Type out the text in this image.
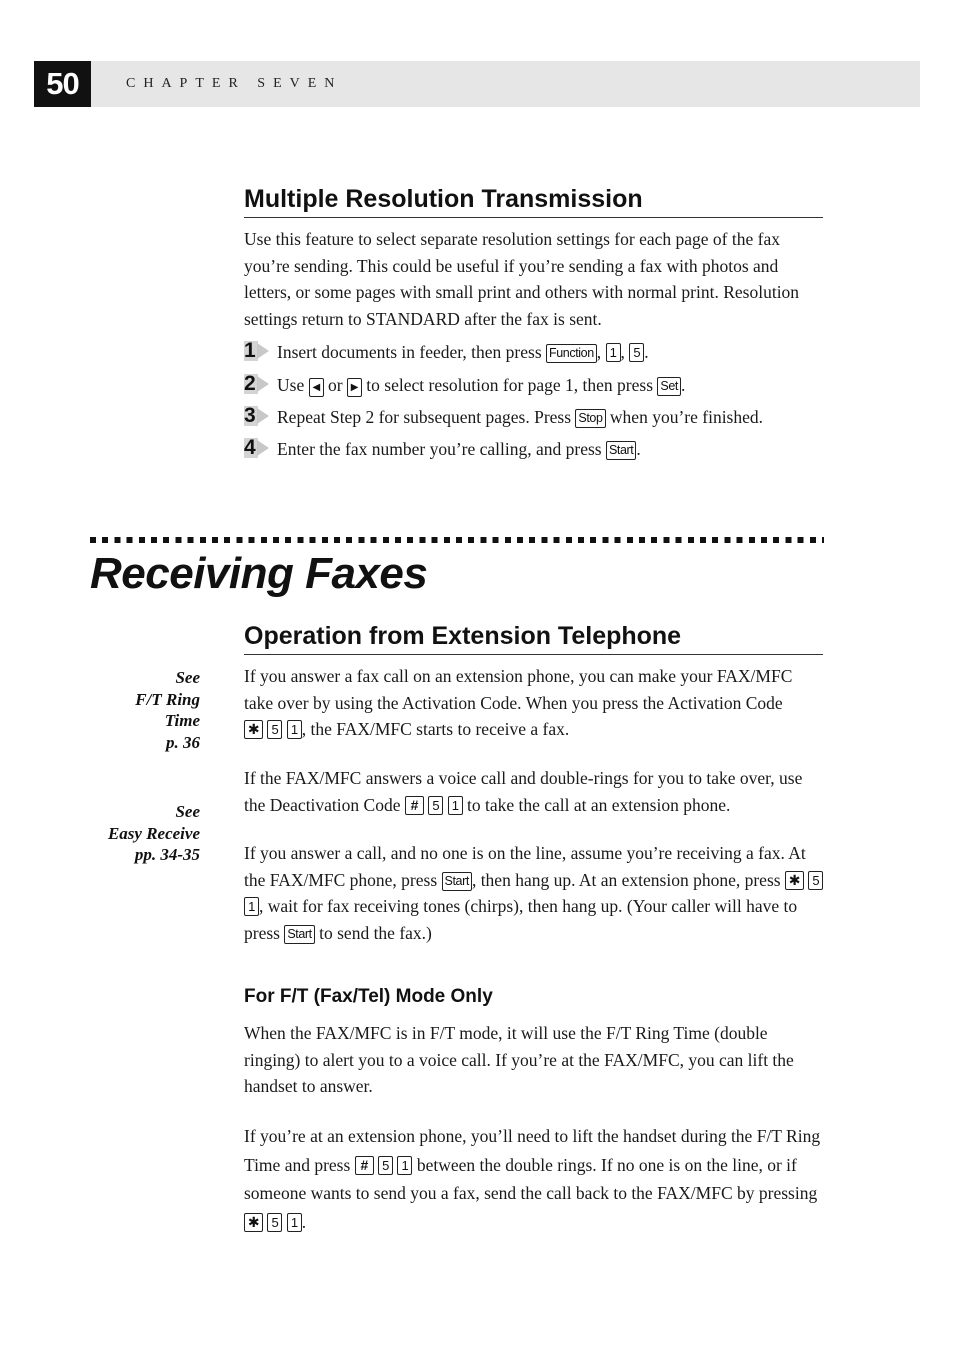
50	CHAPTER SEVEN
Multiple Resolution Transmission
Use this feature to select separate resolution settings for each page of the fax you’re sending. This could be useful if you’re sending a fax with photos and letters, or some pages with small print and others with normal print. Resolution settings return to STANDARD after the fax is sent.
1	Insert documents in feeder, then press Function , 1 , 5 .
2	Use ◀ or ▶ to select resolution for page 1, then press Set .
3	Repeat Step 2 for subsequent pages. Press Stop when you’re finished.
4	Enter the fax number you’re calling, and press Start .
Receiving Faxes
Operation from Extension Telephone
See
F/T Ring
Time
p. 36
See
Easy Receive
pp. 34-35
If you answer a fax call on an extension phone, you can make your FAX/MFC take over by using the Activation Code. When you press the Activation Code
✱ 5 1 , the FAX/MFC starts to receive a fax.
If the FAX/MFC answers a voice call and double-rings for you to take over, use the Deactivation Code # 5 1 to take the call at an extension phone.
If you answer a call, and no one is on the line, assume you’re receiving a fax. At the FAX/MFC phone, press Start , then hang up. At an extension phone, press ✱ 5 1 , wait for fax receiving tones (chirps), then hang up. (Your caller will have to press Start to send the fax.)
For F/T (Fax/Tel) Mode Only
When the FAX/MFC is in F/T mode, it will use the F/T Ring Time (double ringing) to alert you to a voice call. If you’re at the FAX/MFC, you can lift the handset to answer.
If you’re at an extension phone, you’ll need to lift the handset during the F/T Ring Time and press # 5 1 between the double rings. If no one is on the line, or if someone wants to send you a fax, send the call back to the FAX/MFC by pressing ✱ 5 1 .
